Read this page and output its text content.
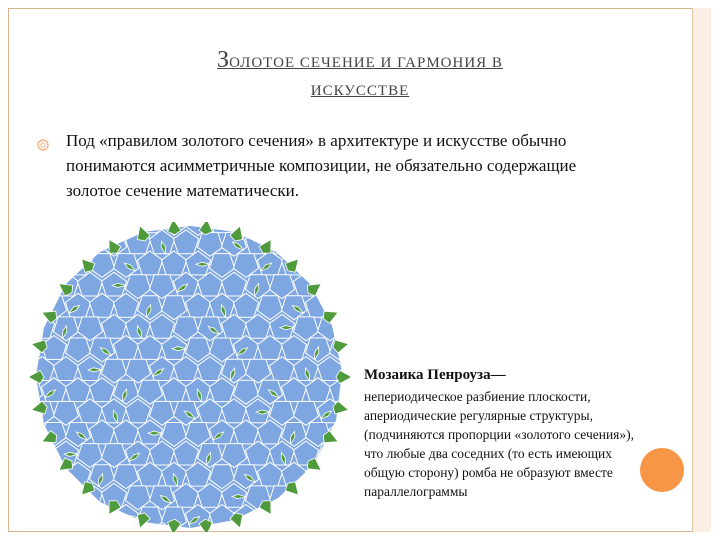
ЗОЛОТОЕ СЕЧЕНИЕ И ГАРМОНИЯ В
ИСКУССТВЕ
Под «правилом золотого сечения» в архитектуре и искусстве обычно понимаются асимметричные композиции, не обязательно содержащие золотое сечение математически.
Мозаика Пенроуза—
непериодическое разбиение плоскости, апериодические регулярные структуры, (подчиняются пропорции «золотого сечения»), что любые два соседних (то есть имеющих общую сторону) ромба не образуют вместе параллелограммы
